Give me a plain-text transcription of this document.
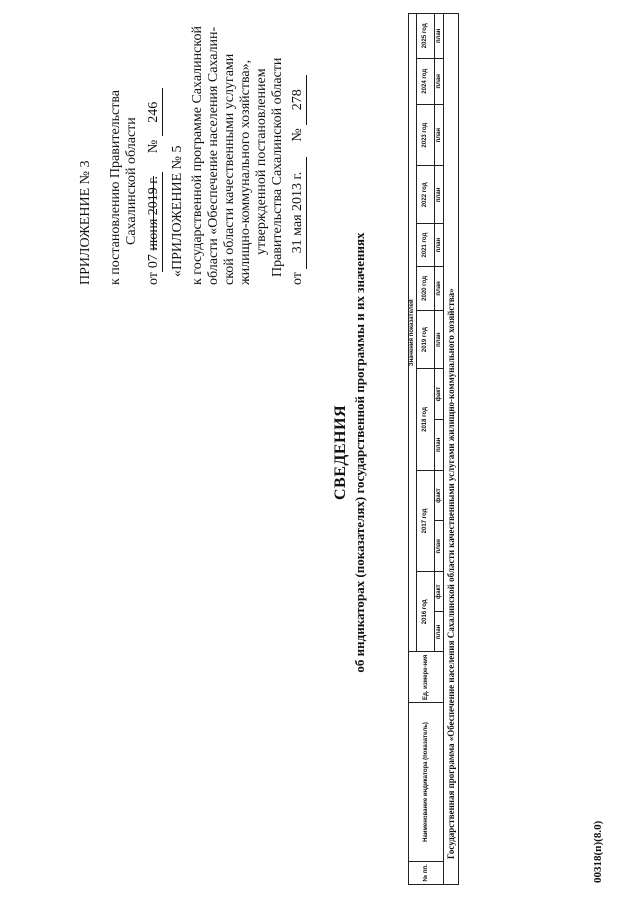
ПРИЛОЖЕНИЕ № 3 к постановлению Правительства Сахалинской области
от07 июня 2019 г.  № 246
«ПРИЛОЖЕНИЕ № 5 к государственной программе Сахалинской области «Обеспечение населения Сахалин- ской области качественными услугами жилищно-коммунального хозяйства», утвержденной постановлением Правительства Сахалинской области
от 31 мая 2013 г.  № 278
СВЕДЕНИЯ об индикаторах (показателях) государственной программы и их значениях
№ пп.	Наименование индикатора (показатель)	Ед. измере-ния	Значения показателей												
			2016 год		2017 год		2018 год		2019 год	2020 год	2021 год	2022 год	2023 год	2024 год	2025 год
			план	факт	план	факт	план	факт	план	план	план	план	план	план	план
Государственная программа «Обеспечение населения Сахалинской области качественными услугами жилищно-коммунального хозяйства»																00318(п)(8.0)
